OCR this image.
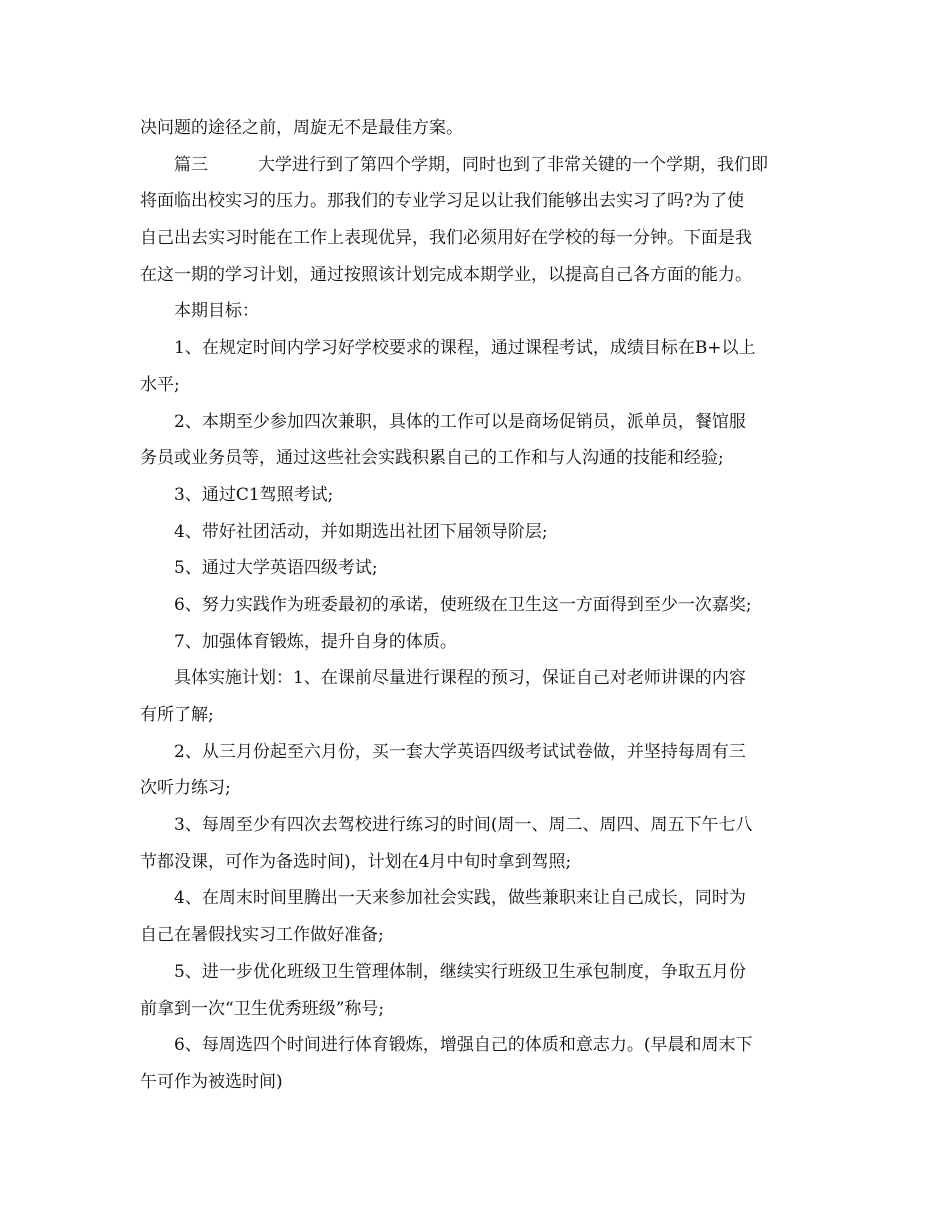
决问题的途径之前，周旋无不是最佳方案。
篇三	大学进行到了第四个学期，同时也到了非常关键的一个学期，我们即
将面临出校实习的压力。那我们的专业学习足以让我们能够出去实习了吗?为了使
自己出去实习时能在工作上表现优异，我们必须用好在学校的每一分钟。下面是我
在这一期的学习计划，通过按照该计划完成本期学业，以提高自己各方面的能力。
本期目标：
1、在规定时间内学习好学校要求的课程，通过课程考试，成绩目标在B+以上
水平;
2、本期至少参加四次兼职，具体的工作可以是商场促销员，派单员，餐馆服
务员或业务员等，通过这些社会实践积累自己的工作和与人沟通的技能和经验;
3、通过C1驾照考试;
4、带好社团活动，并如期选出社团下届领导阶层;
5、通过大学英语四级考试;
6、努力实践作为班委最初的承诺，使班级在卫生这一方面得到至少一次嘉奖;
7、加强体育锻炼，提升自身的体质。
具体实施计划：1、在课前尽量进行课程的预习，保证自己对老师讲课的内容
有所了解;
2、从三月份起至六月份，买一套大学英语四级考试试卷做，并坚持每周有三
次听力练习;
3、每周至少有四次去驾校进行练习的时间(周一、周二、周四、周五下午七八
节都没课，可作为备选时间)，计划在4月中旬时拿到驾照;
4、在周末时间里腾出一天来参加社会实践，做些兼职来让自己成长，同时为
自己在暑假找实习工作做好准备;
5、进一步优化班级卫生管理体制，继续实行班级卫生承包制度，争取五月份
前拿到一次“卫生优秀班级”称号;
6、每周选四个时间进行体育锻炼，增强自己的体质和意志力。(早晨和周末下
午可作为被选时间)
